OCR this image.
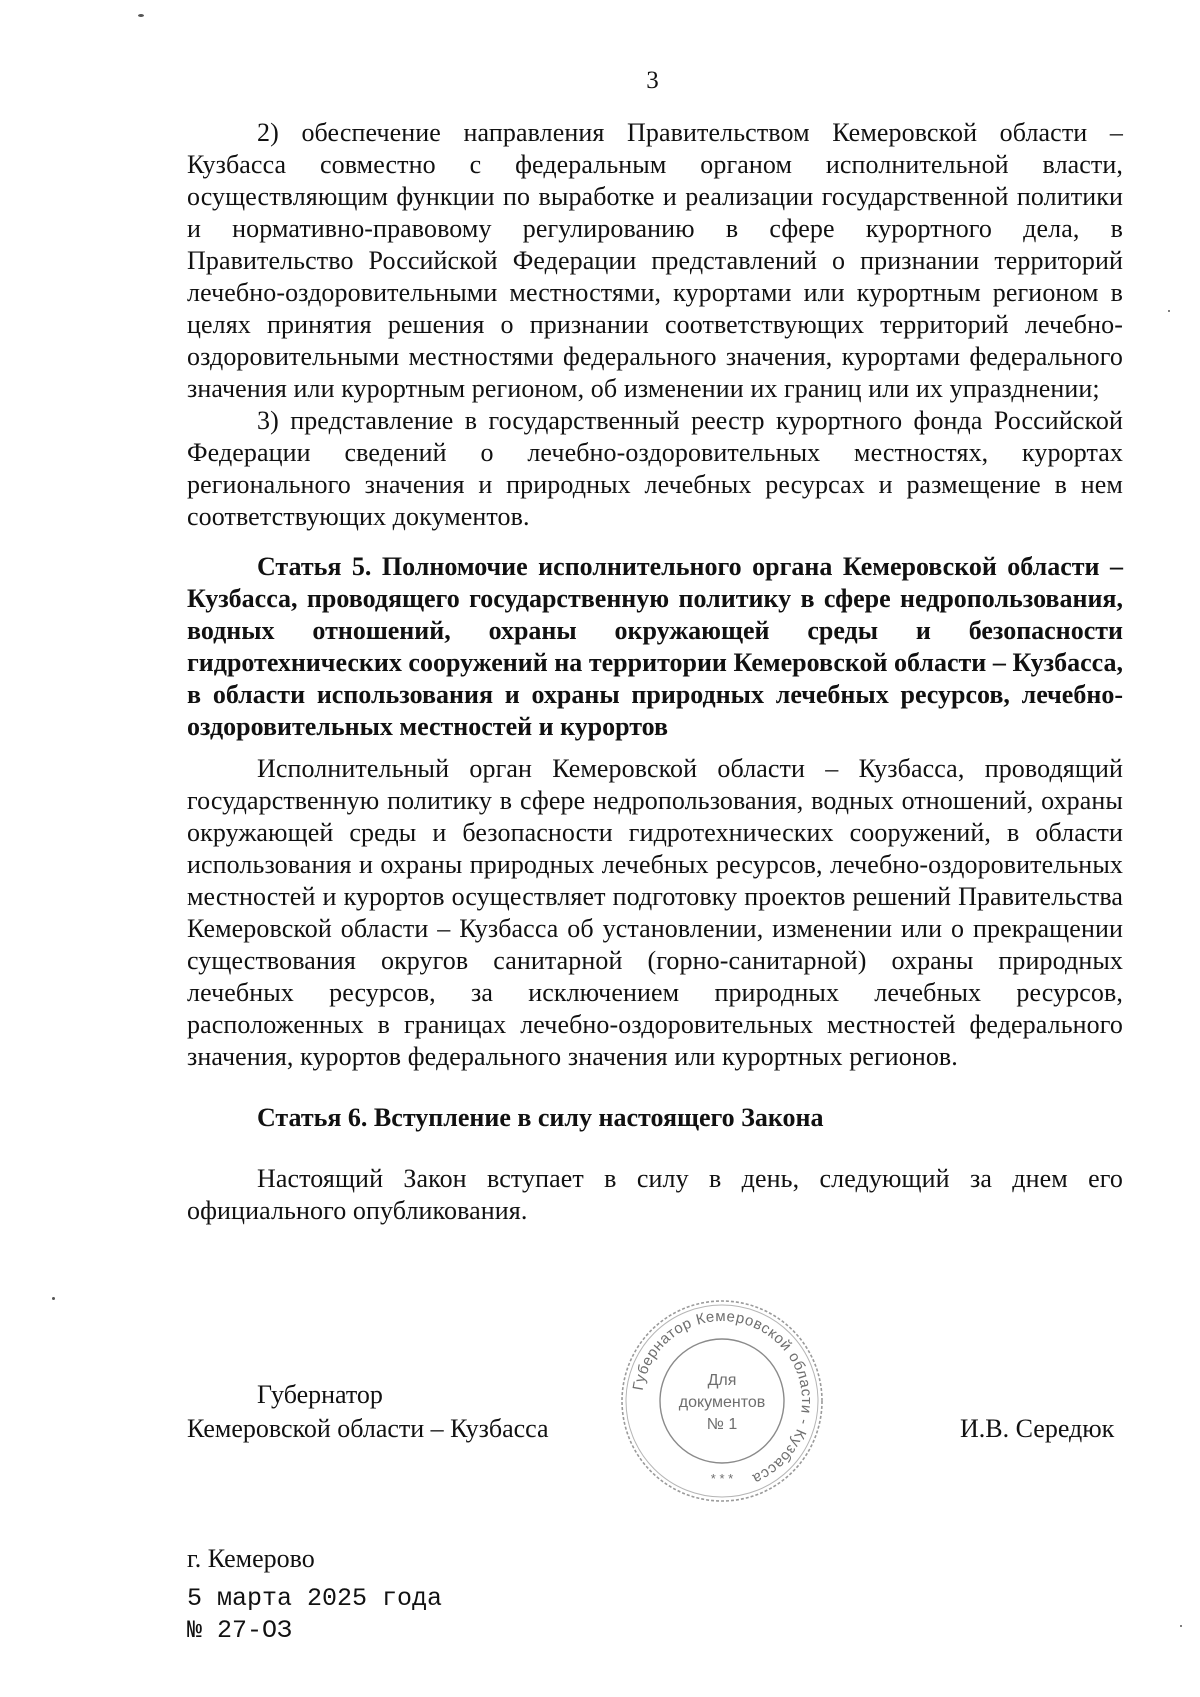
3

2) обеспечение направления Правительством Кемеровской области – Кузбасса совместно с федеральным органом исполнительной власти, осуществляющим функции по выработке и реализации государственной политики и нормативно-правовому регулированию в сфере курортного дела, в Правительство Российской Федерации представлений о признании территорий лечебно-оздоровительными местностями, курортами или курортным регионом в целях принятия решения о признании соответствующих территорий лечебно-оздоровительными местностями федерального значения, курортами федерального значения или курортным регионом, об изменении их границ или их упразднении;

3) представление в государственный реестр курортного фонда Российской Федерации сведений о лечебно-оздоровительных местностях, курортах регионального значения и природных лечебных ресурсах и размещение в нем соответствующих документов.

Статья 5. Полномочие исполнительного органа Кемеровской области – Кузбасса, проводящего государственную политику в сфере недропользования, водных отношений, охраны окружающей среды и безопасности гидротехнических сооружений на территории Кемеровской области – Кузбасса, в области использования и охраны природных лечебных ресурсов, лечебно-оздоровительных местностей и курортов

Исполнительный орган Кемеровской области – Кузбасса, проводящий государственную политику в сфере недропользования, водных отношений, охраны окружающей среды и безопасности гидротехнических сооружений, в области использования и охраны природных лечебных ресурсов, лечебно-оздоровительных местностей и курортов осуществляет подготовку проектов решений Правительства Кемеровской области – Кузбасса об установлении, изменении или о прекращении существования округов санитарной (горно-санитарной) охраны природных лечебных ресурсов, за исключением природных лечебных ресурсов, расположенных в границах лечебно-оздоровительных местностей федерального значения, курортов федерального значения или курортных регионов.

Статья 6. Вступление в силу настоящего Закона

Настоящий Закон вступает в силу в день, следующий за днем его официального опубликования.

Губернатор
Кемеровской области – Кузбасса	И.В. Середюк
г. Кемерово
5 марта 2025 года
№ 27-ОЗ
Губернатор Кемеровской области - Кузбасса
Для
документов
№ 1
* * *
